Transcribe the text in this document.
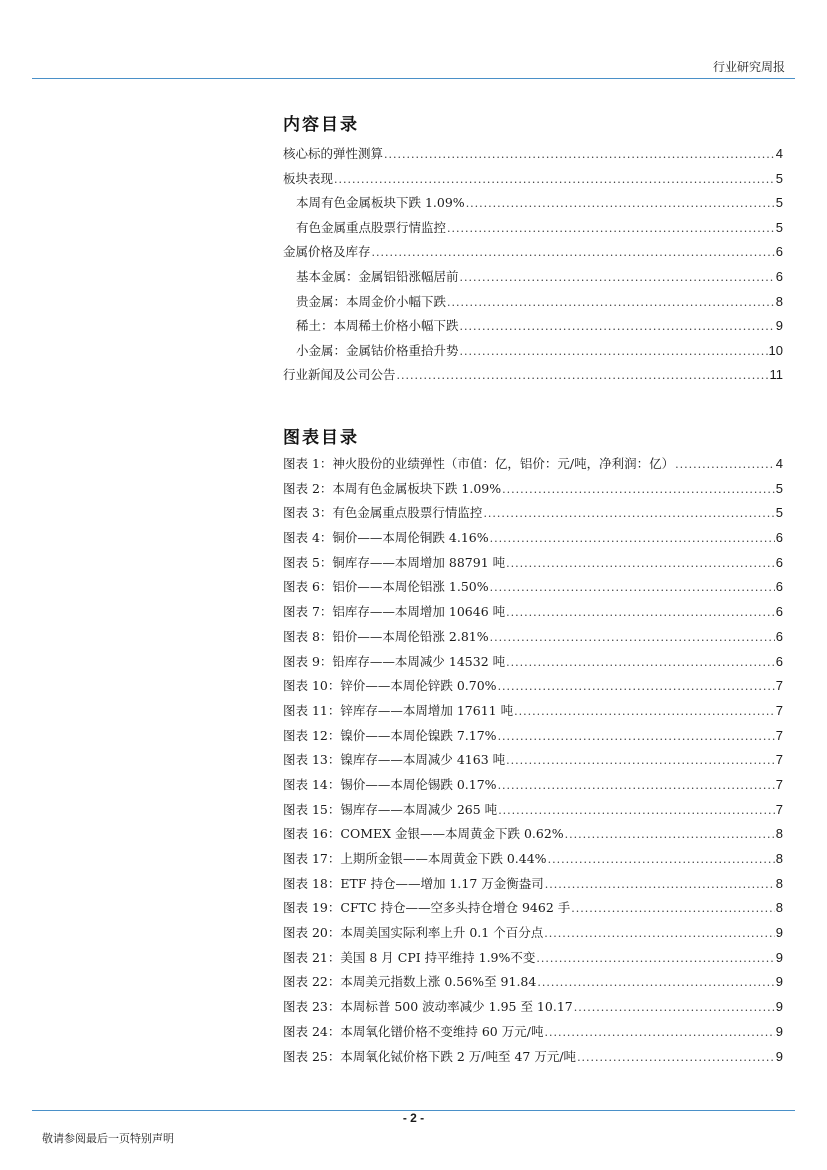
行业研究周报
内容目录
核心标的弹性测算 .....	4
板块表现 .....	5
本周有色金属板块下跌 1.09% .....	5
有色金属重点股票行情监控 .....	5
金属价格及库存 .....	6
基本金属：金属铝铅涨幅居前 .....	6
贵金属：本周金价小幅下跌 .....	8
稀土：本周稀土价格小幅下跌 .....	9
小金属：金属钴价格重拾升势 .....	10
行业新闻及公司公告 .....	11
图表目录
图表 1：神火股份的业绩弹性（市值：亿，铝价：元/吨，净利润：亿） .....	4
图表 2：本周有色金属板块下跌 1.09% .....	5
图表 3：有色金属重点股票行情监控 .....	5
图表 4：铜价——本周伦铜跌 4.16% .....	6
图表 5：铜库存——本周增加 88791 吨 .....	6
图表 6：铝价——本周伦铝涨 1.50% .....	6
图表 7：铝库存——本周增加 10646 吨 .....	6
图表 8：铅价——本周伦铅涨 2.81% .....	6
图表 9：铅库存——本周减少 14532 吨 .....	6
图表 10：锌价——本周伦锌跌 0.70% .....	7
图表 11：锌库存——本周增加 17611 吨 .....	7
图表 12：镍价——本周伦镍跌 7.17% .....	7
图表 13：镍库存——本周减少 4163 吨 .....	7
图表 14：锡价——本周伦锡跌 0.17% .....	7
图表 15：锡库存——本周减少 265 吨 .....	7
图表 16：COMEX 金银——本周黄金下跌 0.62% .....	8
图表 17：上期所金银——本周黄金下跌 0.44% .....	8
图表 18：ETF 持仓——增加 1.17 万金衡盎司 .....	8
图表 19：CFTC 持仓——空多头持仓增仓 9462 手 .....	8
图表 20：本周美国实际利率上升 0.1 个百分点 .....	9
图表 21：美国 8 月 CPI 持平维持 1.9%不变 .....	9
图表 22：本周美元指数上涨 0.56%至 91.84 .....	9
图表 23：本周标普 500 波动率减少 1.95 至 10.17 .....	9
图表 24：本周氧化镨价格不变维持 60 万元/吨 .....	9
图表 25：本周氧化铽价格下跌 2 万/吨至 47 万元/吨 .....	9
- 2 -
敬请参阅最后一页特别声明
